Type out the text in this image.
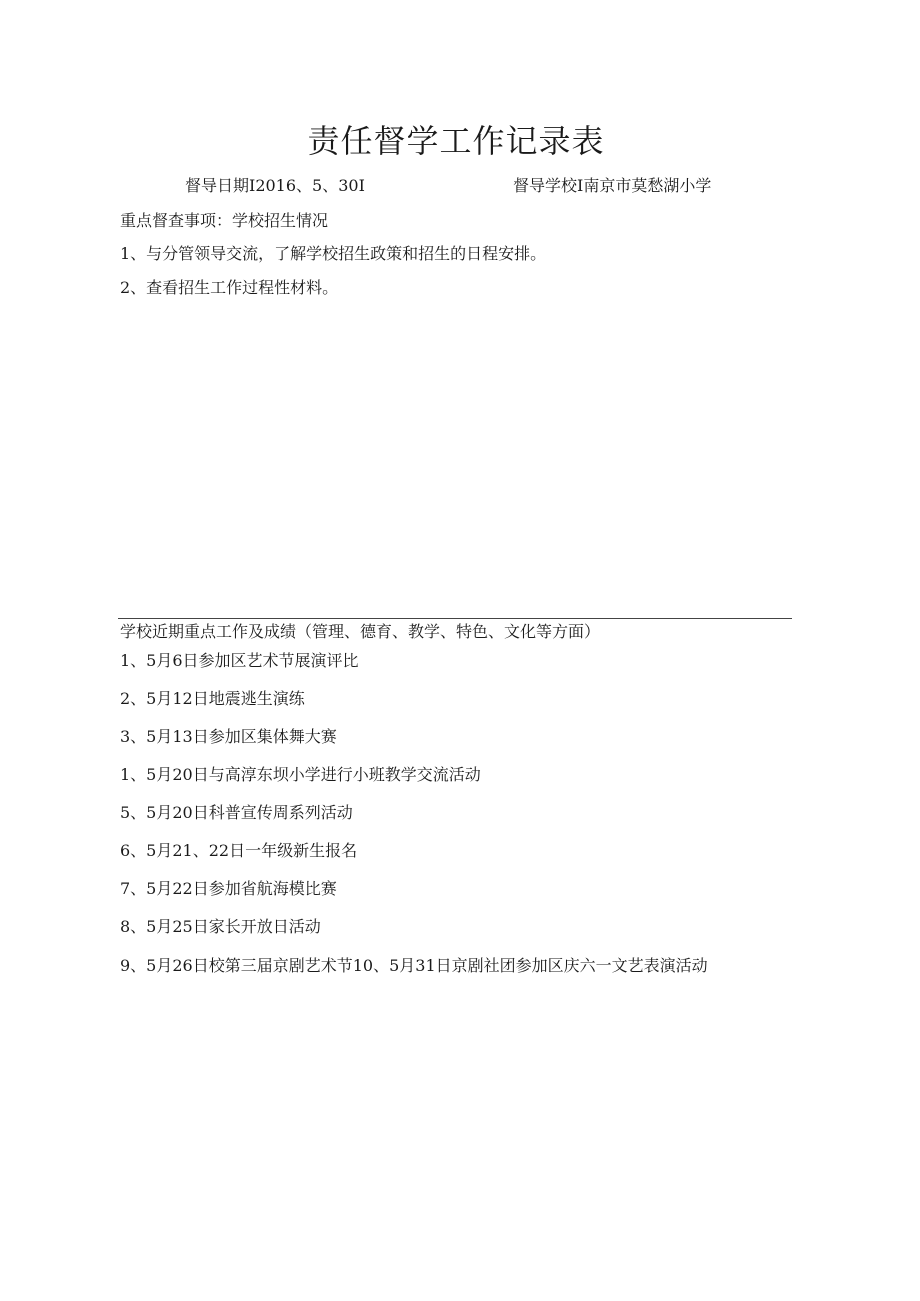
责任督学工作记录表

督导日期I2016、5、30I	督导学校I南京市莫愁湖小学

重点督查事项：学校招生情况

1、与分管领导交流，了解学校招生政策和招生的日程安排。

2、查看招生工作过程性材料。

学校近期重点工作及成绩（管理、德育、教学、特色、文化等方面）

1、5月6日参加区艺术节展演评比
2、5月12日地震逃生演练
3、5月13日参加区集体舞大赛
1、5月20日与高淳东坝小学进行小班教学交流活动
5、5月20日科普宣传周系列活动
6、5月21、22日一年级新生报名
7、5月22日参加省航海模比赛
8、5月25日家长开放日活动
9、5月26日校第三届京剧艺术节10、5月31日京剧社团参加区庆六一文艺表演活动
